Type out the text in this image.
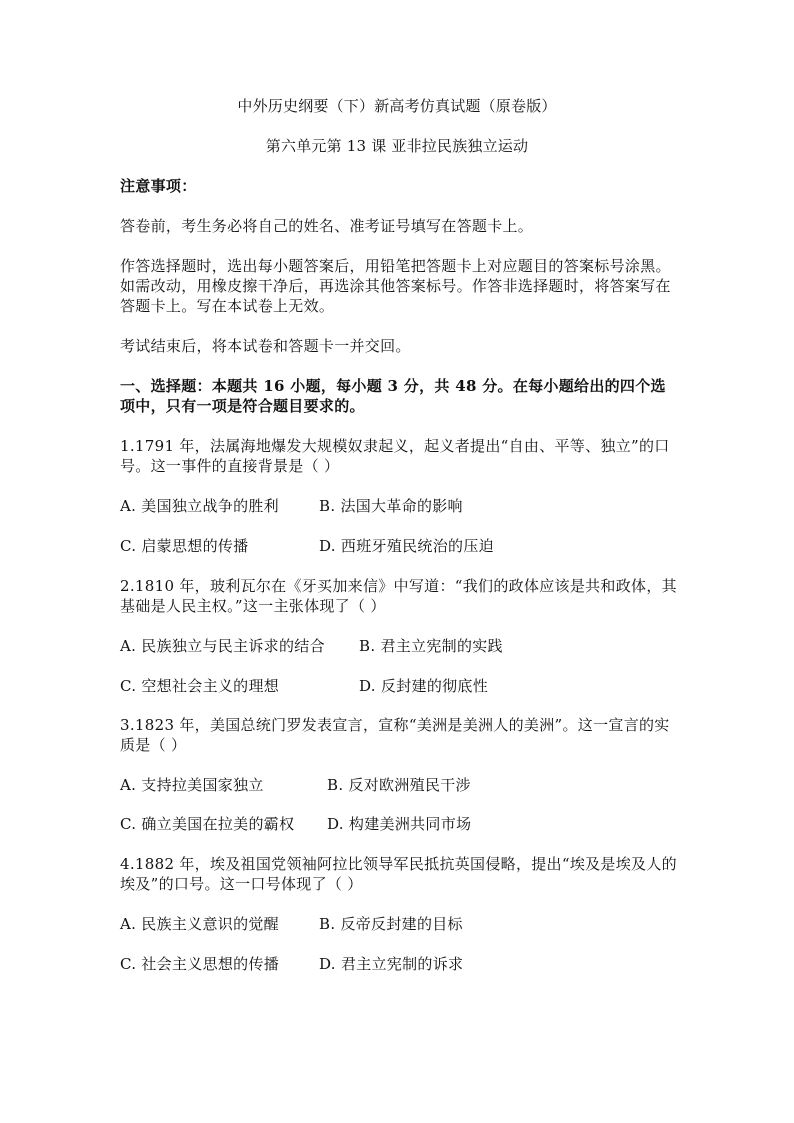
中外历史纲要（下）新高考仿真试题（原卷版）
第六单元第 13 课 亚非拉民族独立运动
注意事项：
答卷前，考生务必将自己的姓名、准考证号填写在答题卡上。
作答选择题时，选出每小题答案后，用铅笔把答题卡上对应题目的答案标号涂黑。如需改动，用橡皮擦干净后，再选涂其他答案标号。作答非选择题时，将答案写在答题卡上。写在本试卷上无效。
考试结束后，将本试卷和答题卡一并交回。
一、选择题：本题共 16 小题，每小题 3 分，共 48 分。在每小题给出的四个选项中，只有一项是符合题目要求的。
1.1791 年，法属海地爆发大规模奴隶起义，起义者提出“自由、平等、独立”的口号。这一事件的直接背景是（ ）
A. 美国独立战争的胜利	B. 法国大革命的影响
C. 启蒙思想的传播	D. 西班牙殖民统治的压迫
2.1810 年，玻利瓦尔在《牙买加来信》中写道：“我们的政体应该是共和政体，其基础是人民主权。”这一主张体现了（ ）
A. 民族独立与民主诉求的结合 B. 君主立宪制的实践
C. 空想社会主义的理想	D. 反封建的彻底性
3.1823 年，美国总统门罗发表宣言，宣称“美洲是美洲人的美洲”。这一宣言的实质是（ ）
A. 支持拉美国家独立	B. 反对欧洲殖民干涉
C. 确立美国在拉美的霸权 D. 构建美洲共同市场
4.1882 年，埃及祖国党领袖阿拉比领导军民抵抗英国侵略，提出“埃及是埃及人的埃及”的口号。这一口号体现了（ ）
A. 民族主义意识的觉醒	B. 反帝反封建的目标
C. 社会主义思想的传播	D. 君主立宪制的诉求
